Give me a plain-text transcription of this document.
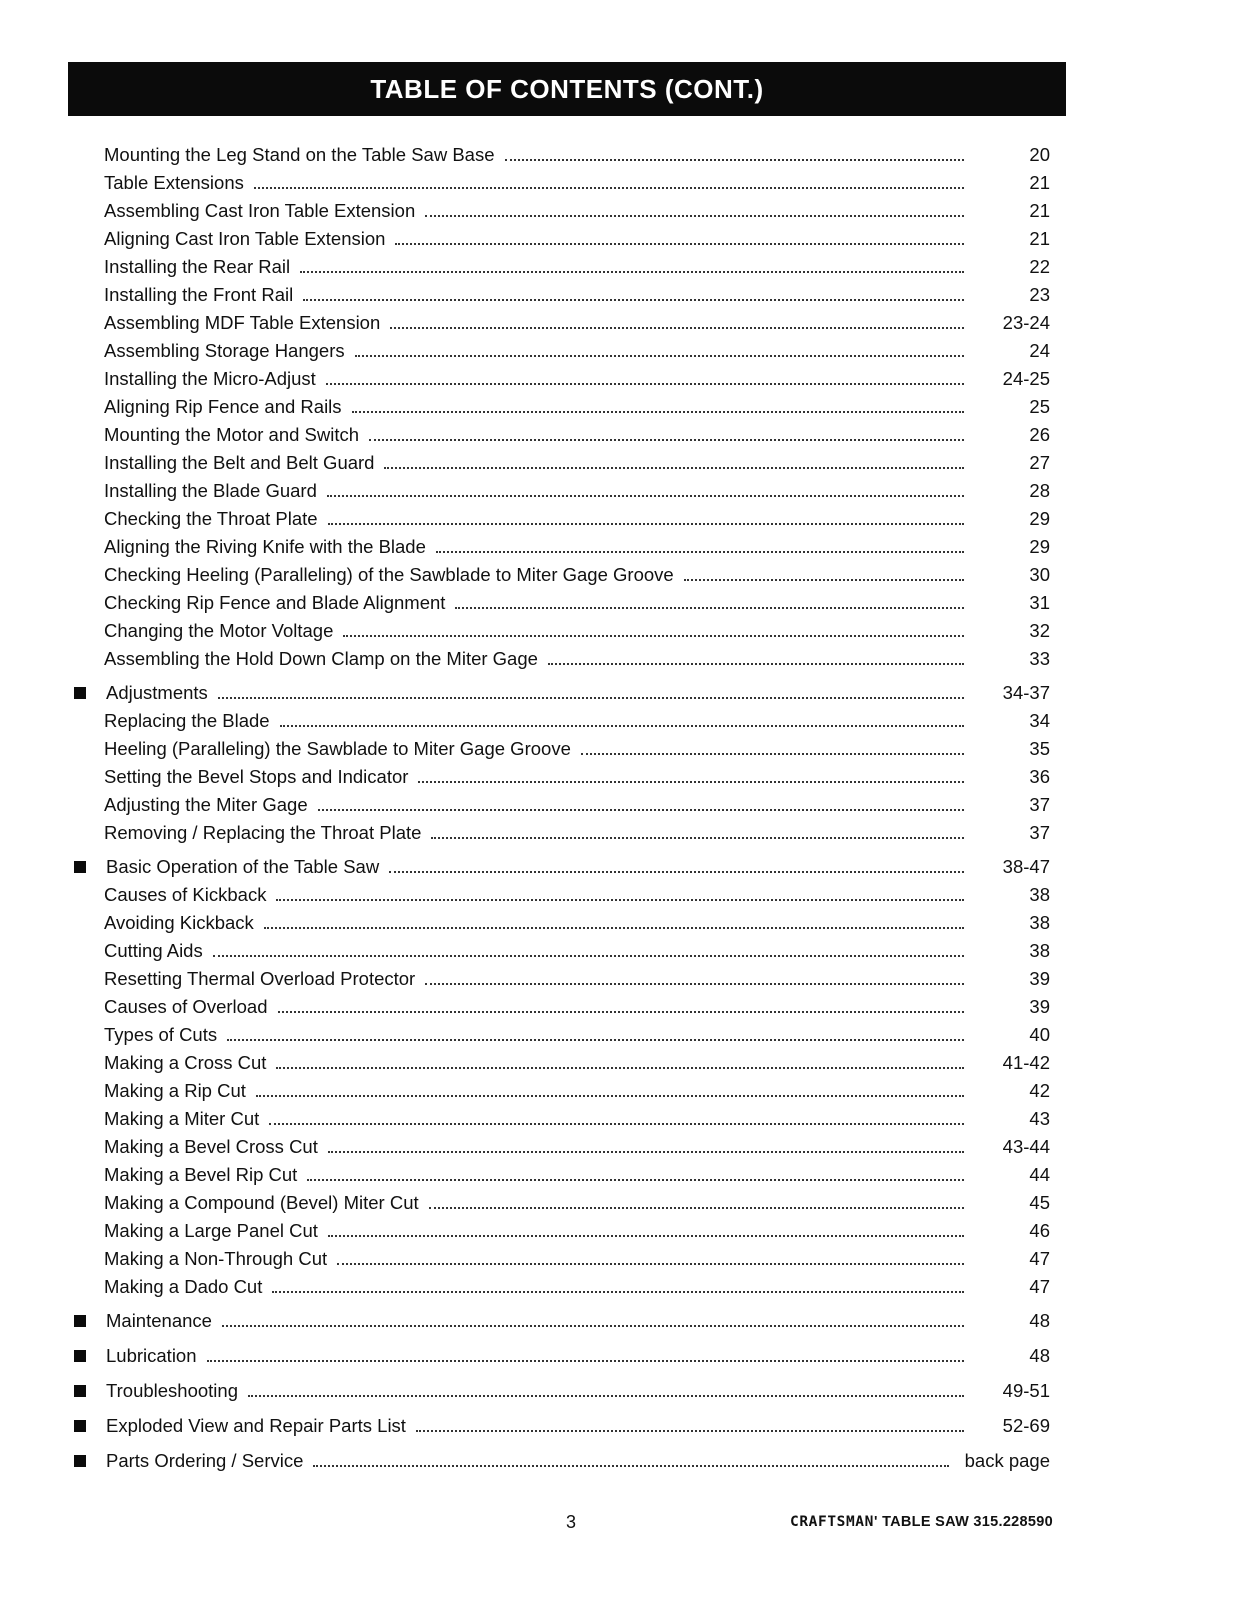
TABLE OF CONTENTS (CONT.)
Mounting the Leg Stand on the Table Saw Base	20
Table Extensions	21
Assembling Cast Iron Table Extension	21
Aligning Cast Iron Table Extension	21
Installing the Rear Rail	22
Installing the Front Rail	23
Assembling MDF Table Extension	23-24
Assembling Storage Hangers	24
Installing the Micro-Adjust	24-25
Aligning Rip Fence and Rails	25
Mounting the Motor and Switch	26
Installing the Belt and Belt Guard	27
Installing the Blade Guard	28
Checking the Throat Plate	29
Aligning the Riving Knife with the Blade	29
Checking Heeling (Paralleling) of the Sawblade to Miter Gage Groove	30
Checking Rip Fence and Blade Alignment	31
Changing the Motor Voltage	32
Assembling the Hold Down Clamp on the Miter Gage	33
Adjustments	34-37
Replacing the Blade	34
Heeling (Paralleling) the Sawblade to Miter Gage Groove	35
Setting the Bevel Stops and Indicator	36
Adjusting the Miter Gage	37
Removing / Replacing the Throat Plate	37
Basic Operation of the Table Saw	38-47
Causes of Kickback	38
Avoiding Kickback	38
Cutting Aids	38
Resetting Thermal Overload Protector	39
Causes of Overload	39
Types of Cuts	40
Making a Cross Cut	41-42
Making a Rip Cut	42
Making a Miter Cut	43
Making a Bevel Cross Cut	43-44
Making a Bevel Rip Cut	44
Making a Compound (Bevel) Miter Cut	45
Making a Large Panel Cut	46
Making a Non-Through Cut	47
Making a Dado Cut	47
Maintenance	48
Lubrication	48
Troubleshooting	49-51
Exploded View and Repair Parts List	52-69
Parts Ordering / Service	back page
3	CRAFTSMAN' TABLE SAW 315.228590
